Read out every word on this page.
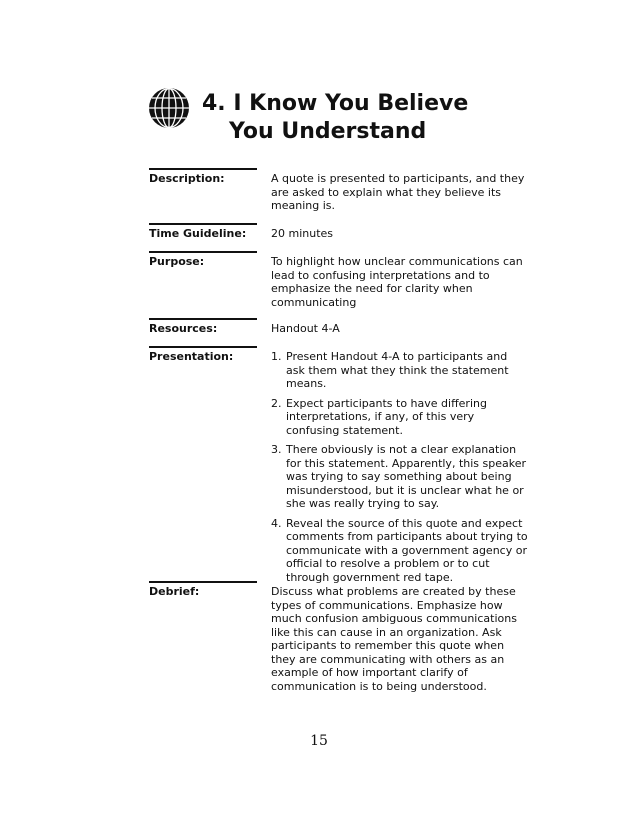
4. I Know You Believe
You Understand
Description:	A quote is presented to participants, and they are asked to explain what they believe its meaning is.
Time Guideline:	20 minutes
Purpose:	To highlight how unclear communications can lead to confusing interpretations and to emphasize the need for clarity when communicating
Resources:	Handout 4-A
Presentation:	1. Present Handout 4-A to participants and ask them what they think the statement means.
2. Expect participants to have differing interpretations, if any, of this very confusing statement.
3. There obviously is not a clear explanation for this statement. Apparently, this speaker was trying to say something about being misunderstood, but it is unclear what he or she was really trying to say.
4. Reveal the source of this quote and expect comments from participants about trying to communicate with a government agency or official to resolve a problem or to cut through government red tape.
Debrief:	Discuss what problems are created by these types of communications. Emphasize how much confusion ambiguous communications like this can cause in an organization. Ask participants to remember this quote when they are communicating with others as an example of how important clarify of communication is to being understood.
15
